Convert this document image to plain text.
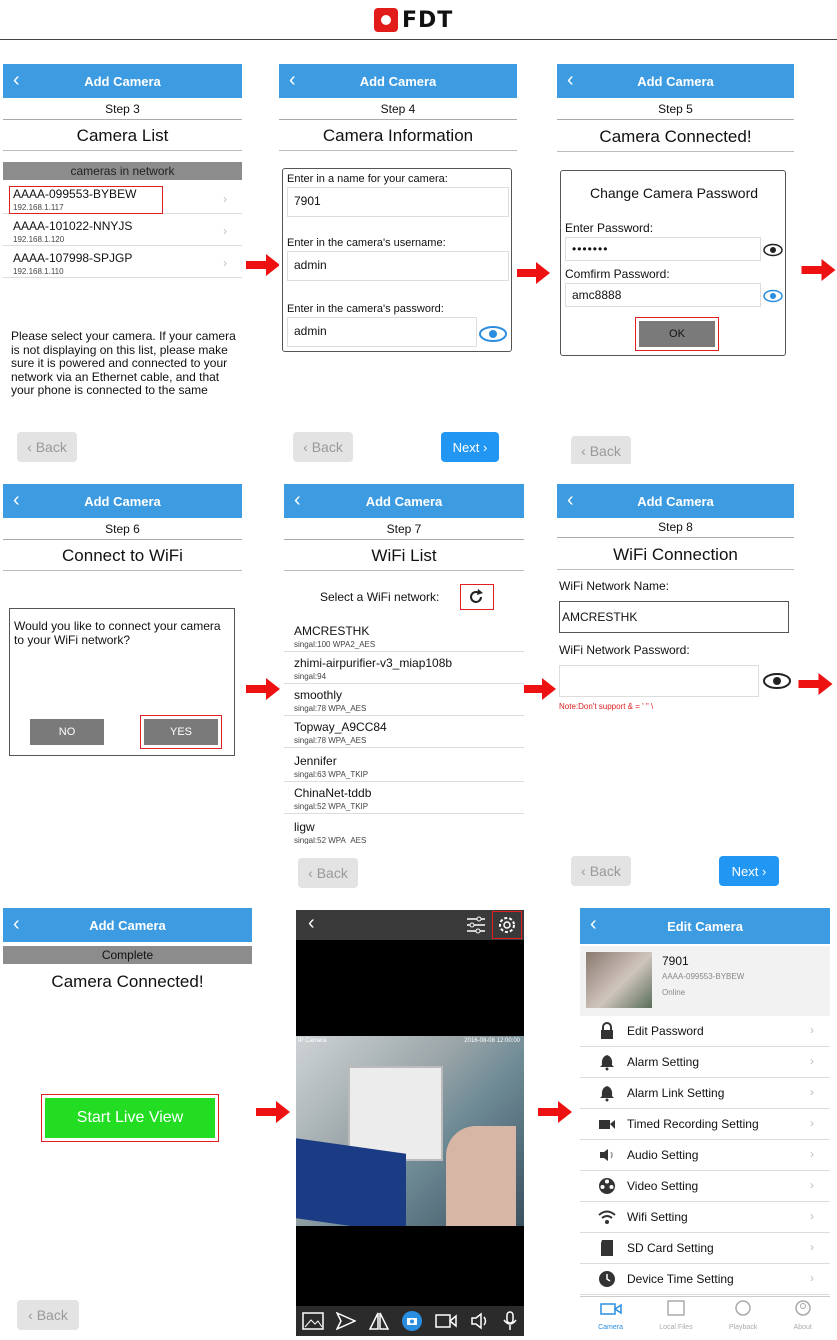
FDT
‹	Add Camera
Step 3
Camera List
cameras in network
AAAA-099553-BYBEW
192.168.1.117
›
AAAA-101022-NNYJS
192.168.1.120
›
AAAA-107998-SPJGP
192.168.1.110
›
Please select your camera. If your camera is not displaying on this list, please make sure it is powered and connected to your network via an Ethernet cable, and that your phone is connected to the same
‹ Back
‹	Add Camera
Step 4
Camera Information
Enter in a name for your camera:
7901
Enter in the camera's username:
admin
Enter in the camera's password:
admin
‹ Back	Next ›
‹	Add Camera
Step 5
Camera Connected!
Change Camera Password
Enter Password:
•••••••
Comfirm Password:
amc8888
OK
‹ Back
‹	Add Camera
Step 6
Connect to WiFi
Would you like to connect your camera to your WiFi network?
NO	YES
‹	Add Camera
Step 7
WiFi List
Select a WiFi network:
AMCRESTHK
singal:100 WPA2_AES
zhimi-airpurifier-v3_miap108b
singal:94
smoothly
singal:78 WPA_AES
Topway_A9CC84
singal:78 WPA_AES
Jennifer
singal:63 WPA_TKIP
ChinaNet-tddb
singal:52 WPA_TKIP
ligw
singal:52 WPA_AES
‹ Back
‹	Add Camera
Step 8
WiFi Connection
WiFi Network Name:
AMCRESTHK
WiFi Network Password:
Note:Don't support & = ' " \
‹ Back	Next ›
‹	Add Camera
Complete
Camera Connected!
Start Live View
‹ Back
‹
IP Camera	2016-08-08 12:00:00
‹	Edit Camera
7901
AAAA-099553-BYBEW
Online
Edit Password	›
Alarm Setting	›
Alarm Link Setting	›
Timed Recording Setting	›
Audio Setting	›
Video Setting	›
Wifi Setting	›
SD Card Setting	›
Device Time Setting	›
Camera	Local Files	Playback	About
